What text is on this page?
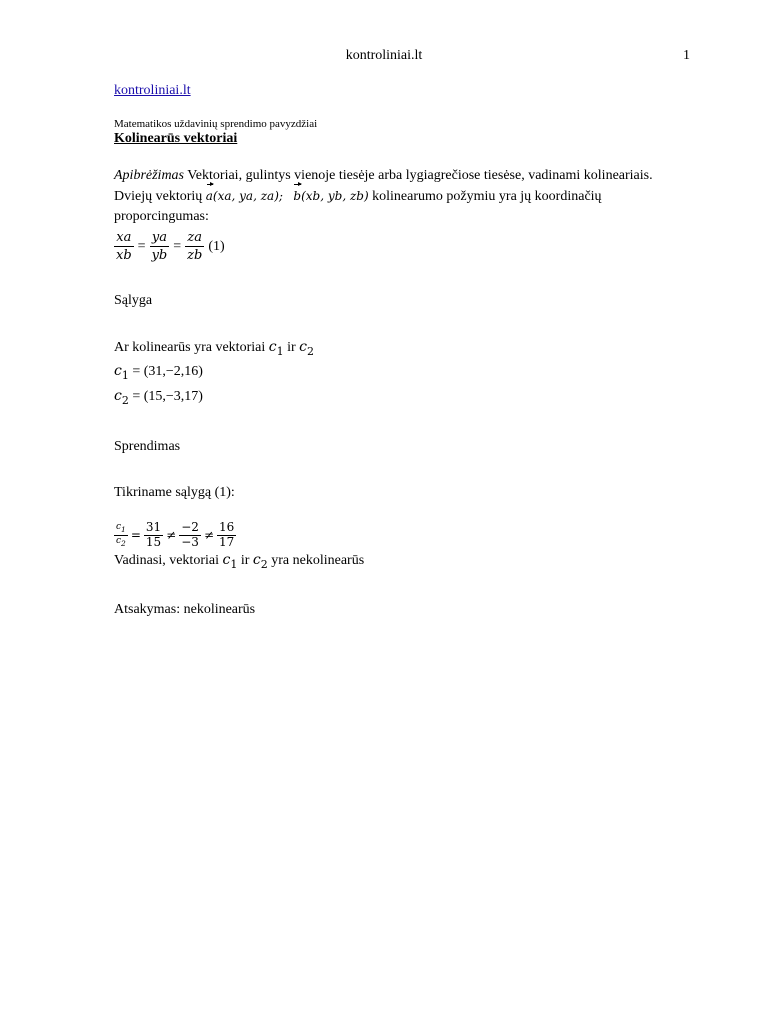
kontroliniai.lt	1
kontroliniai.lt
Matematikos uždavinių sprendimo pavyzdžiai
Kolinearūs vektoriai
Apibrėžimas Vektoriai, gulintys vienoje tiesėje arba lygiagrečiose tiesėse, vadinami kolineariais. Dviejų vektorių a(xa, ya, za); b(xb, yb, zb) kolinearumo požymiu yra jų koordinačių proporcingumas:
$\frac{xa}{xb} = \frac{ya}{yb} = \frac{za}{zb} (1)$
Sąlyga
Ar kolinearūs yra vektoriai $c_1$ ir $c_2$
$c_1 = (31,-2,16)$
$c_2 = (15,-3,17)$
Sprendimas
Tikriname sąlygą (1):
$\frac{c_1}{c_2} = \frac{31}{15} \ne \frac{-2}{-3} \ne \frac{16}{17}$
Vadinasi, vektoriai $c_1$ ir $c_2$ yra nekolinearūs
Atsakymas: nekolinearūs
